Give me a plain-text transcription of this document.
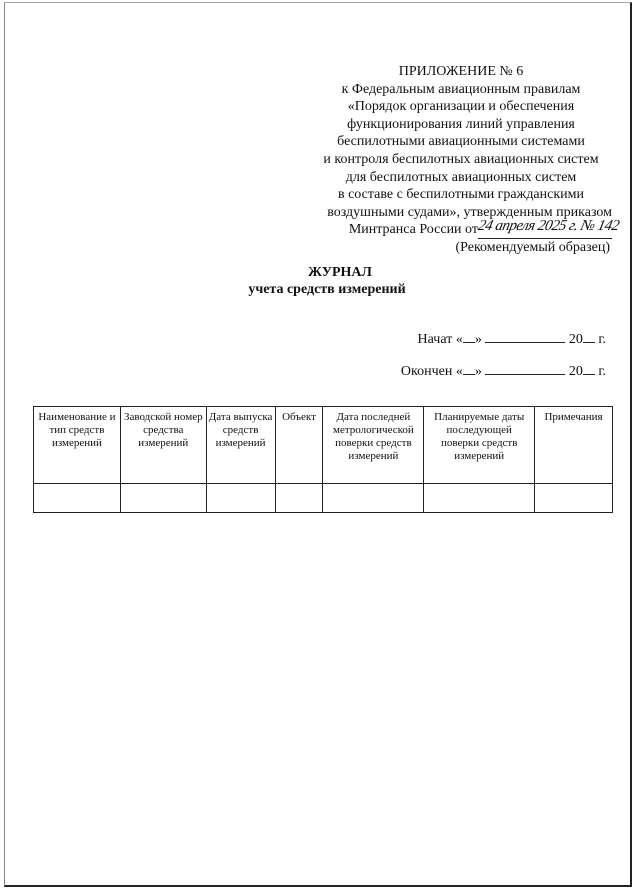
ПРИЛОЖЕНИЕ № 6
к Федеральным авиационным правилам
«Порядок организации и обеспечения
функционирования линий управления
беспилотными авиационными системами
и контроля беспилотных авиационных систем
для беспилотных авиационных систем
в составе с беспилотными гражданскими
воздушными судами», утвержденным приказом
Минтранса России от
24 апреля 2025 г. № 142
(Рекомендуемый образец)
ЖУРНАЛ
учета средств измерений
Начат « »	20 г.
Окончен « »	20 г.
Наименование и тип средств измерений	Заводской номер средства измерений	Дата выпуска средств измерений	Объект	Дата последней метрологической поверки средств измерений	Планируемые даты последующей поверки средств измерений	Примечания
